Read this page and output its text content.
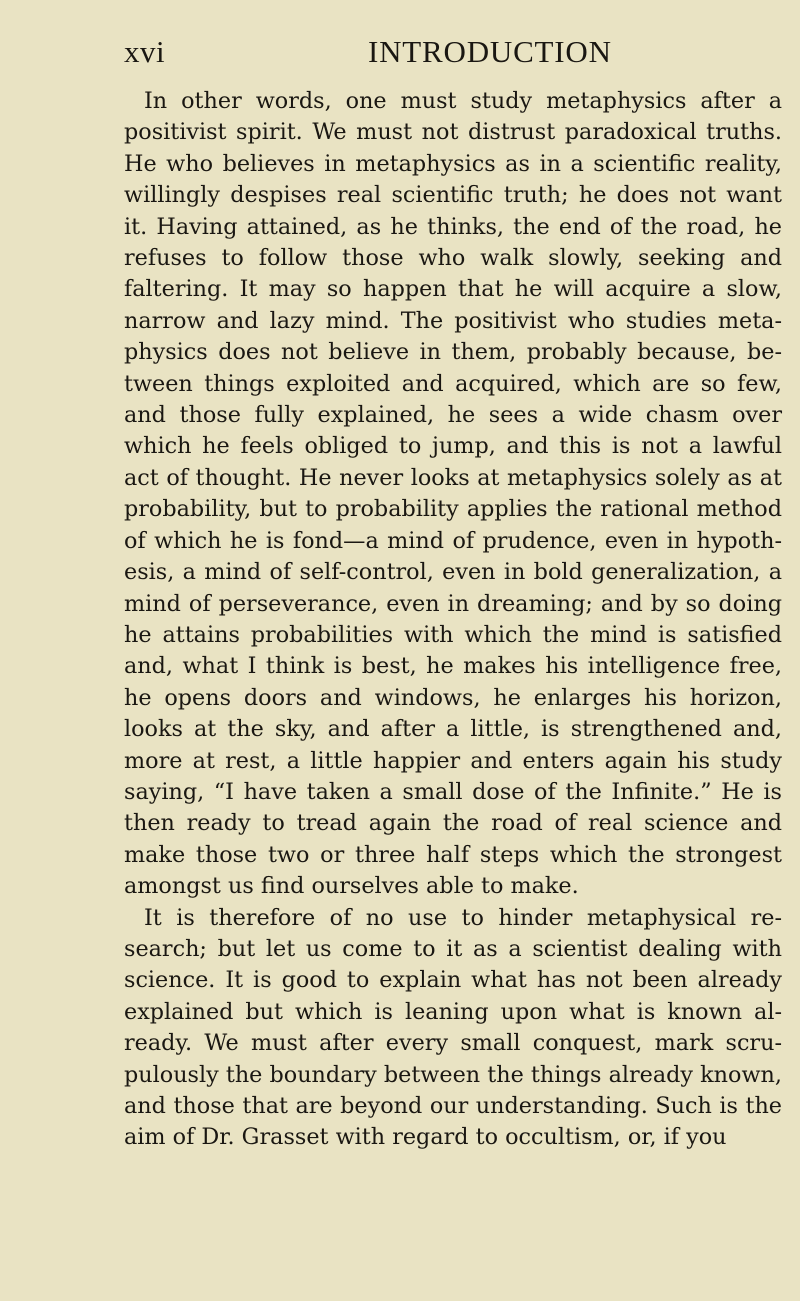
xvi	INTRODUCTION

In other words, one must study metaphysics after a positivist spirit. We must not distrust paradoxical truths. He who believes in metaphysics as in a scientific reality, willingly despises real scientific truth; he does not want it. Having attained, as he thinks, the end of the road, he refuses to follow those who walk slowly, seeking and faltering. It may so happen that he will acquire a slow, narrow and lazy mind. The positivist who studies metaphysics does not believe in them, probably because, between things exploited and acquired, which are so few, and those fully explained, he sees a wide chasm over which he feels obliged to jump, and this is not a lawful act of thought. He never looks at metaphysics solely as at probability, but to probability applies the rational method of which he is fond—a mind of prudence, even in hypothesis, a mind of self-control, even in bold generalization, a mind of perseverance, even in dreaming; and by so doing he attains probabilities with which the mind is satisfied and, what I think is best, he makes his intelligence free, he opens doors and windows, he enlarges his horizon, looks at the sky, and after a little, is strengthened and, more at rest, a little happier and enters again his study saying, “I have taken a small dose of the Infinite.” He is then ready to tread again the road of real science and make those two or three half steps which the strongest amongst us find ourselves able to make.

It is therefore of no use to hinder metaphysical research; but let us come to it as a scientist dealing with science. It is good to explain what has not been already explained but which is leaning upon what is known already. We must after every small conquest, mark scrupulously the boundary between the things already known, and those that are beyond our understanding. Such is the aim of Dr. Grasset with regard to occultism, or, if you
